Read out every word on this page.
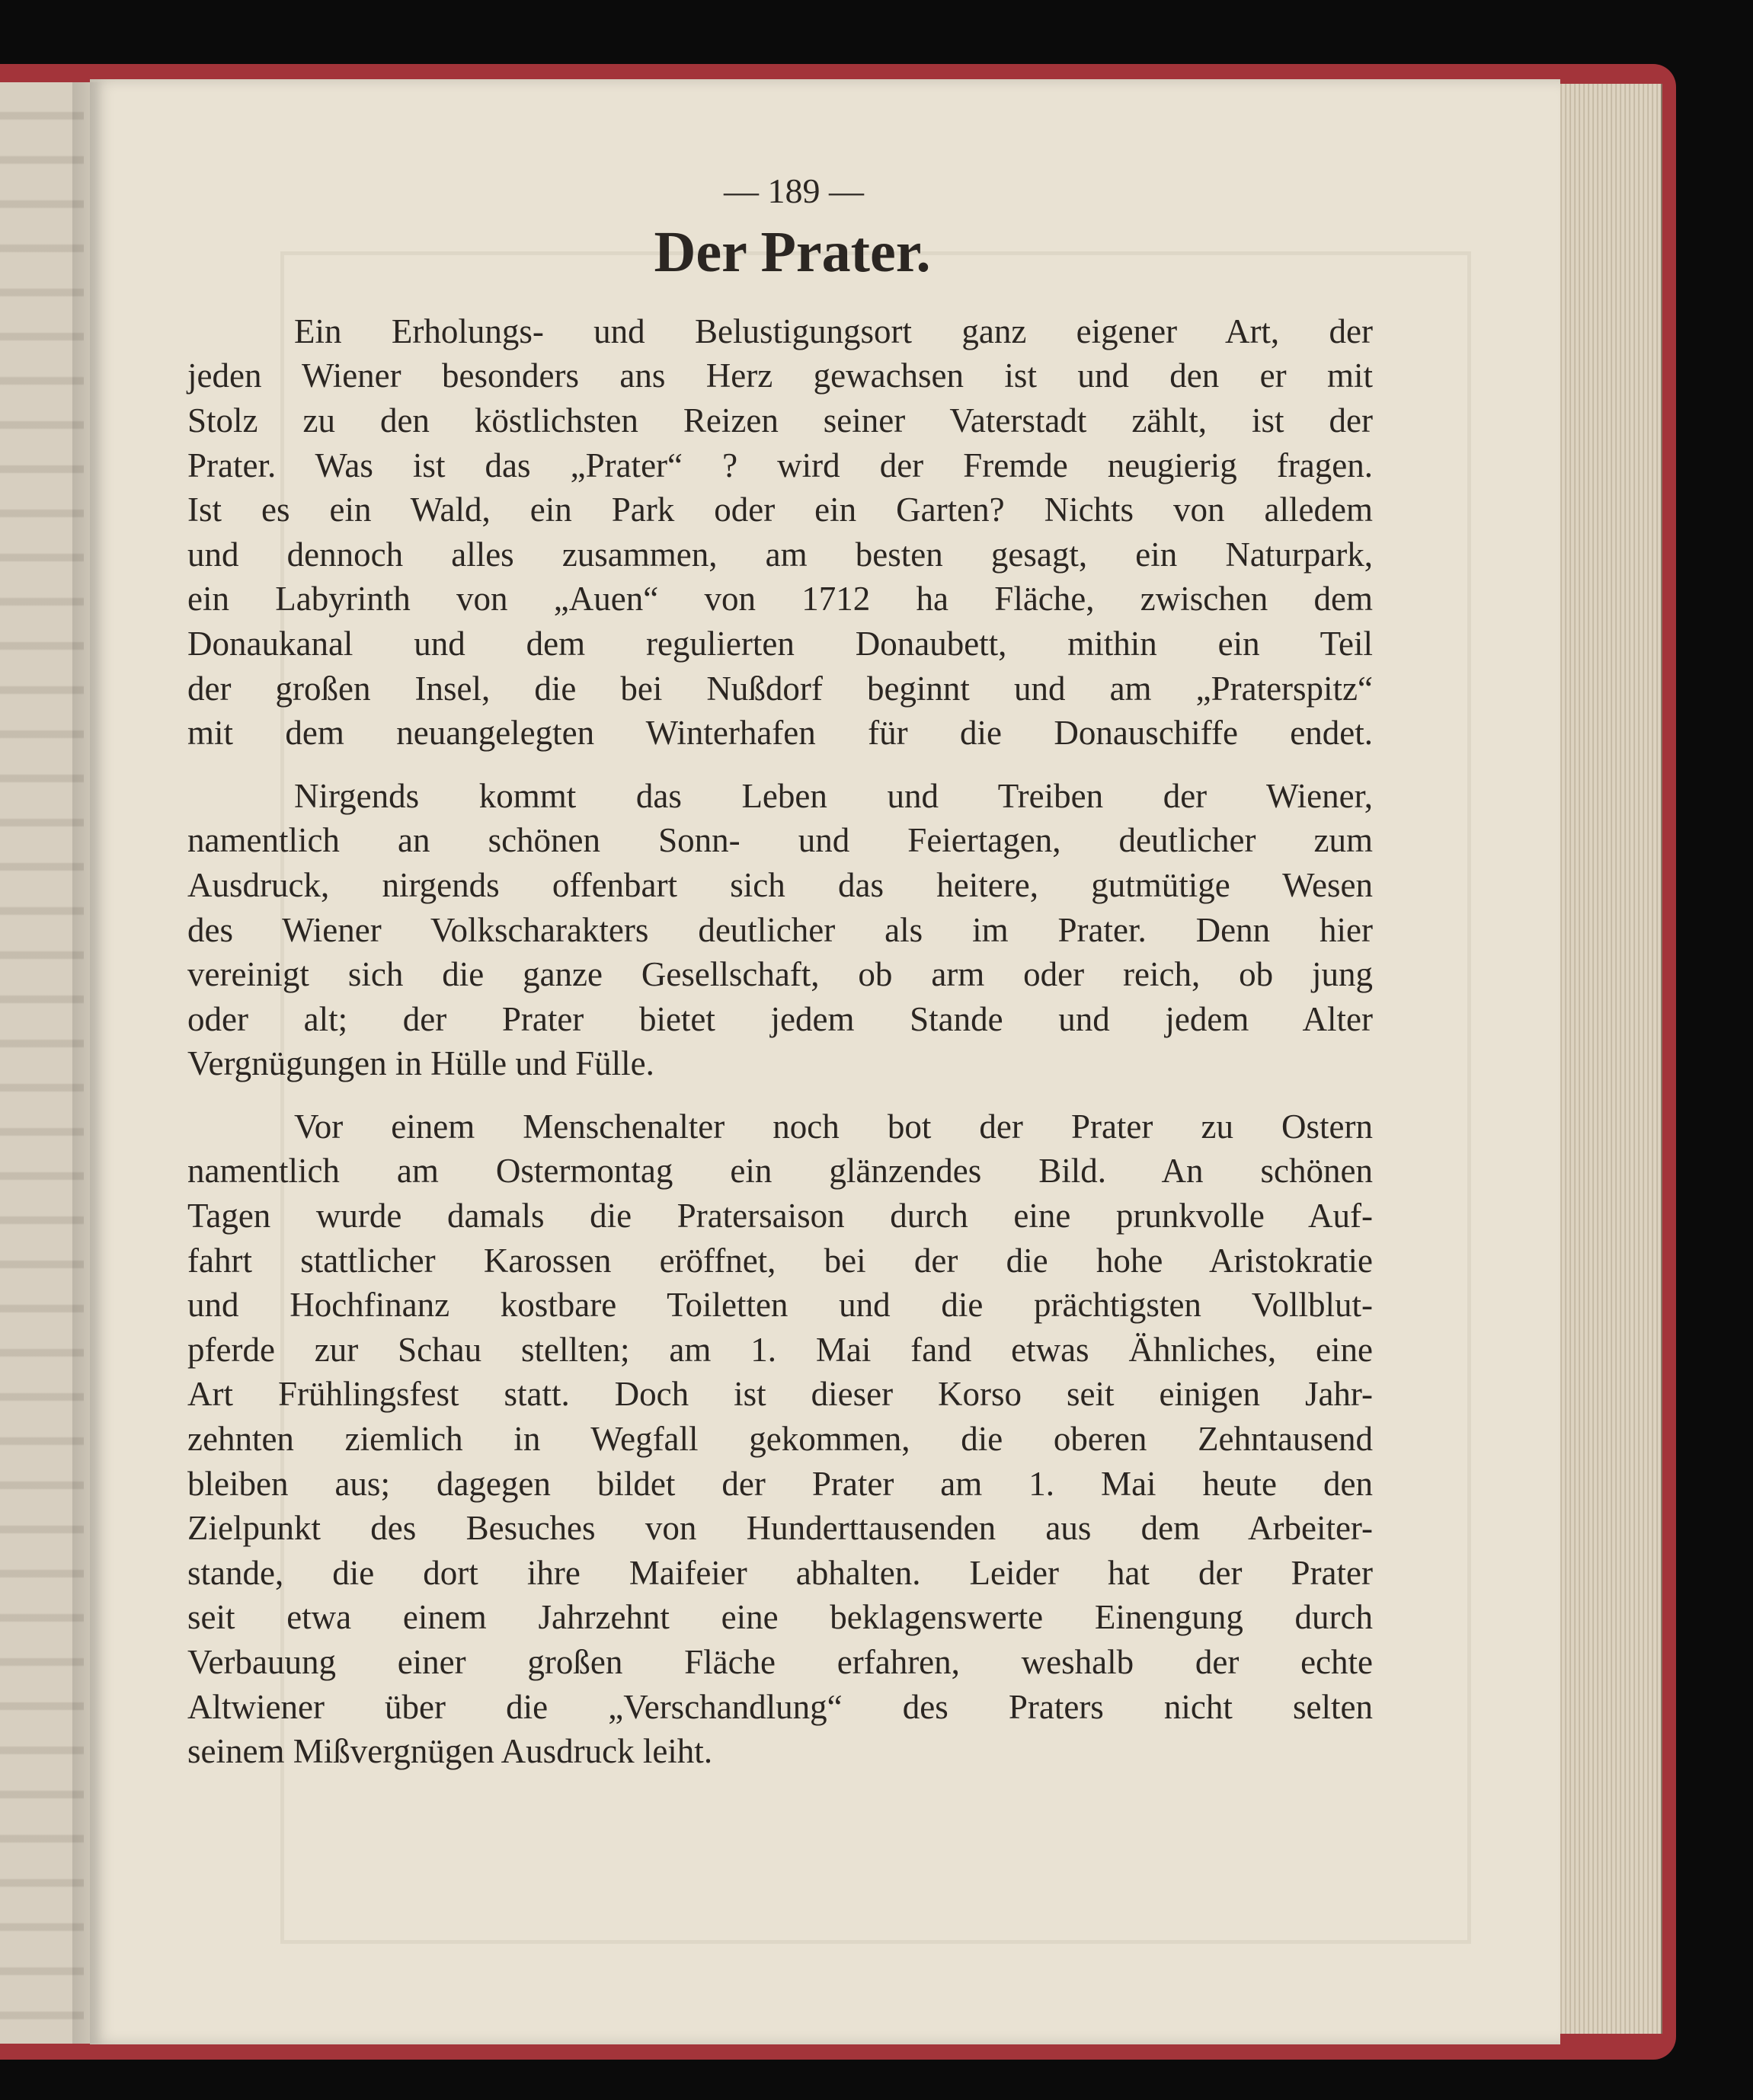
— 189 —
Der Prater.
Ein Erholungs- und Belustigungsort ganz eigener Art, der
jeden Wiener besonders ans Herz gewachsen ist und den er mit
Stolz zu den köstlichsten Reizen seiner Vaterstadt zählt, ist der
Prater. Was ist das „Prater“ ? wird der Fremde neugierig fragen.
Ist es ein Wald, ein Park oder ein Garten? Nichts von alledem
und dennoch alles zusammen, am besten gesagt, ein Naturpark,
ein Labyrinth von „Auen“ von 1712 ha Fläche, zwischen dem
Donaukanal und dem regulierten Donaubett, mithin ein Teil
der großen Insel, die bei Nußdorf beginnt und am „Praterspitz“
mit dem neuangelegten Winterhafen für die Donauschiffe endet.
Nirgends kommt das Leben und Treiben der Wiener,
namentlich an schönen Sonn- und Feiertagen, deutlicher zum
Ausdruck, nirgends offenbart sich das heitere, gutmütige Wesen
des Wiener Volkscharakters deutlicher als im Prater. Denn hier
vereinigt sich die ganze Gesellschaft, ob arm oder reich, ob jung
oder alt; der Prater bietet jedem Stande und jedem Alter
Vergnügungen in Hülle und Fülle.
Vor einem Menschenalter noch bot der Prater zu Ostern
namentlich am Ostermontag ein glänzendes Bild. An schönen
Tagen wurde damals die Pratersaison durch eine prunkvolle Auf-
fahrt stattlicher Karossen eröffnet, bei der die hohe Aristokratie
und Hochfinanz kostbare Toiletten und die prächtigsten Vollblut-
pferde zur Schau stellten; am 1. Mai fand etwas Ähnliches, eine
Art Frühlingsfest statt. Doch ist dieser Korso seit einigen Jahr-
zehnten ziemlich in Wegfall gekommen, die oberen Zehntausend
bleiben aus; dagegen bildet der Prater am 1. Mai heute den
Zielpunkt des Besuches von Hunderttausenden aus dem Arbeiter-
stande, die dort ihre Maifeier abhalten. Leider hat der Prater
seit etwa einem Jahrzehnt eine beklagenswerte Einengung durch
Verbauung einer großen Fläche erfahren, weshalb der echte
Altwiener über die „Verschandlung“ des Praters nicht selten
seinem Mißvergnügen Ausdruck leiht.
